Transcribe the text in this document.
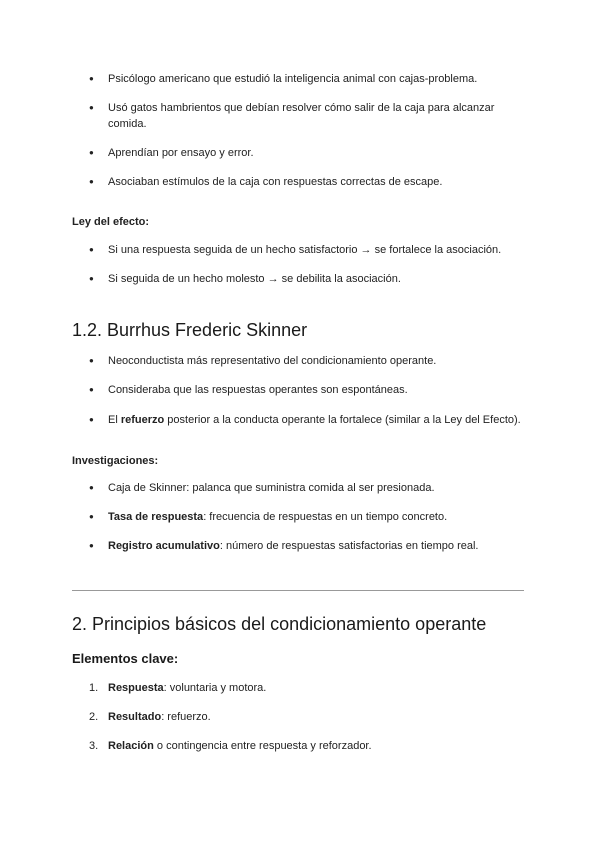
● Psicólogo americano que estudió la inteligencia animal con cajas-problema.
● Usó gatos hambrientos que debían resolver cómo salir de la caja para alcanzar comida.
● Aprendían por ensayo y error.
● Asociaban estímulos de la caja con respuestas correctas de escape.
Ley del efecto:
● Si una respuesta seguida de un hecho satisfactorio → se fortalece la asociación.
● Si seguida de un hecho molesto → se debilita la asociación.
1.2. Burrhus Frederic Skinner
● Neoconductista más representativo del condicionamiento operante.
● Consideraba que las respuestas operantes son espontáneas.
● El refuerzo posterior a la conducta operante la fortalece (similar a la Ley del Efecto).
Investigaciones:
● Caja de Skinner: palanca que suministra comida al ser presionada.
● Tasa de respuesta: frecuencia de respuestas en un tiempo concreto.
● Registro acumulativo: número de respuestas satisfactorias en tiempo real.
2. Principios básicos del condicionamiento operante
Elementos clave:
1. Respuesta: voluntaria y motora.
2. Resultado: refuerzo.
3. Relación o contingencia entre respuesta y reforzador.
